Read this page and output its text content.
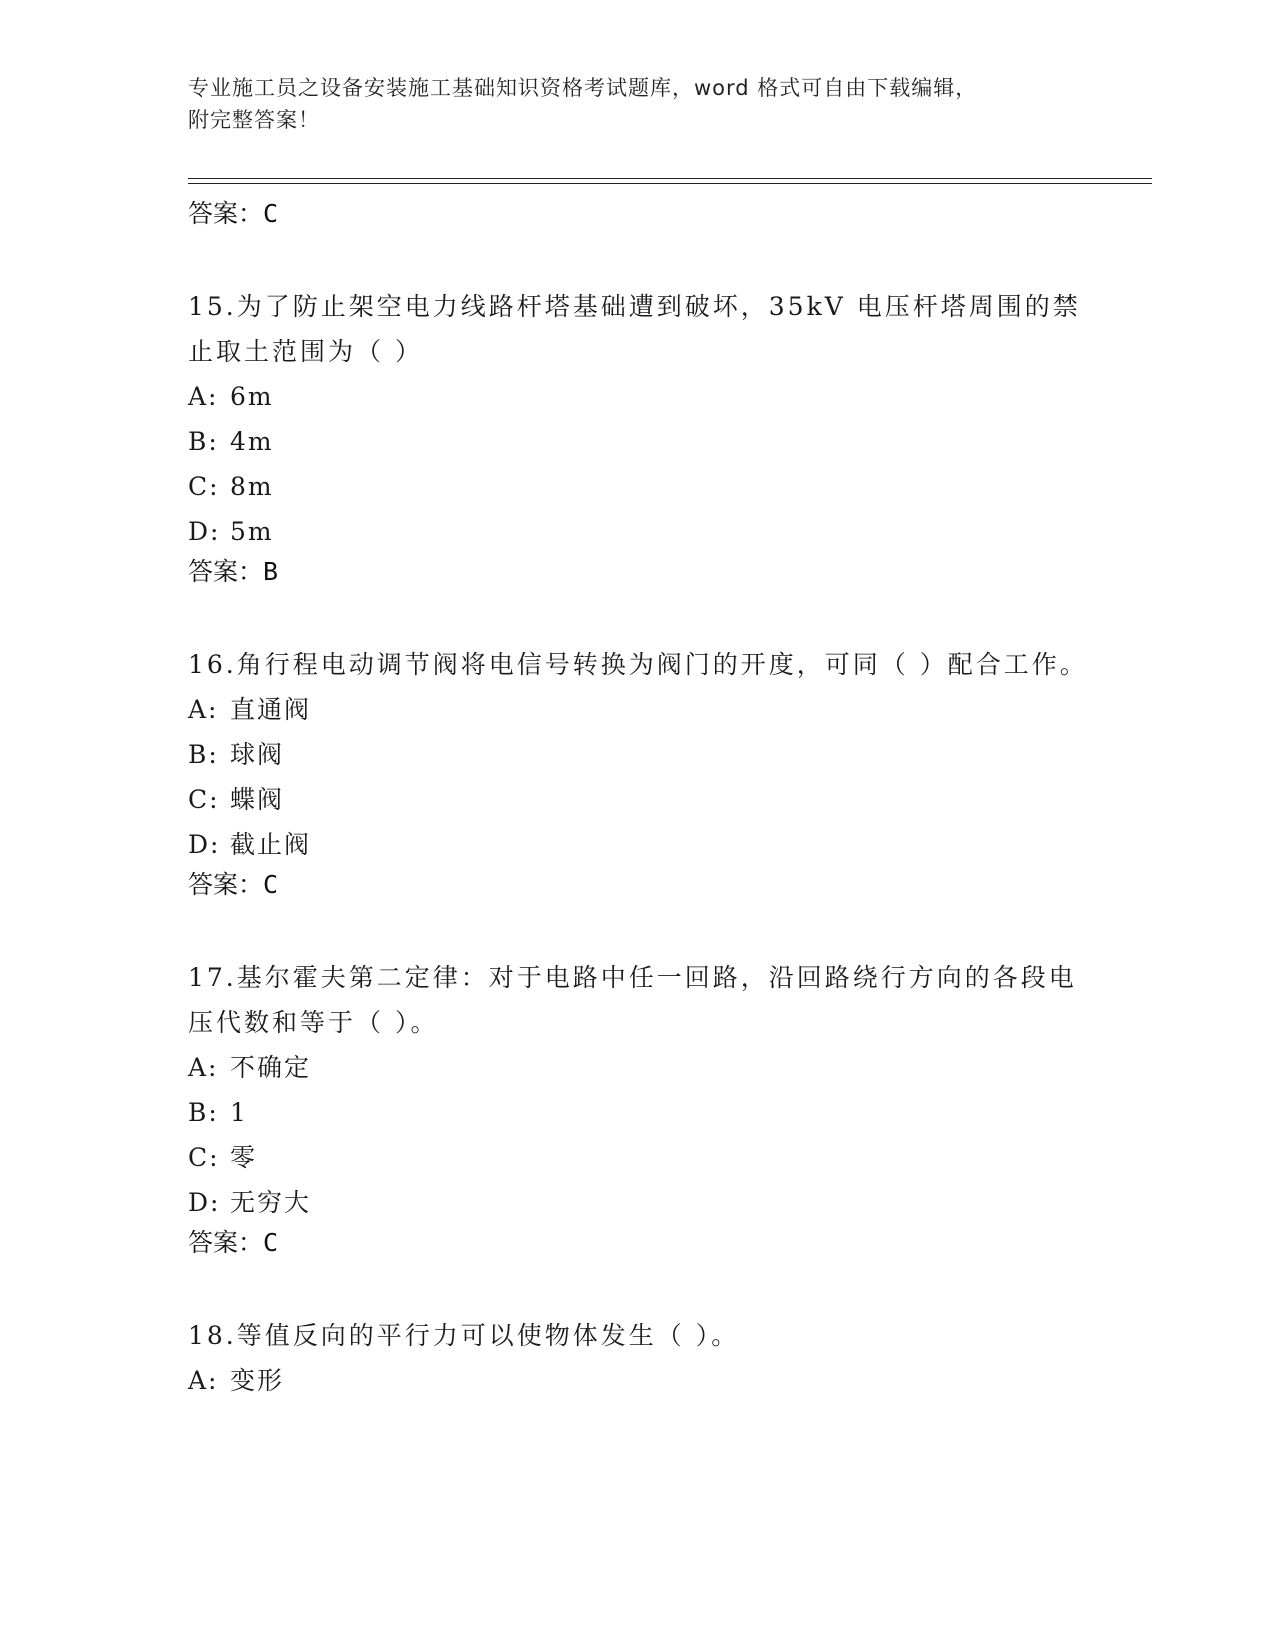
专业施工员之设备安装施工基础知识资格考试题库，word 格式可自由下载编辑，
附完整答案！

答案：C

15.为了防止架空电力线路杆塔基础遭到破坏，35kV 电压杆塔周围的禁止取土范围为（ ）

A: 6m

B: 4m

C: 8m

D: 5m

答案：B

16.角行程电动调节阀将电信号转换为阀门的开度，可同（ ）配合工作。

A: 直通阀

B: 球阀

C: 蝶阀

D: 截止阀

答案：C

17.基尔霍夫第二定律：对于电路中任一回路，沿回路绕行方向的各段电压代数和等于（ ）。

A: 不确定

B: 1

C: 零

D: 无穷大

答案：C

18.等值反向的平行力可以使物体发生（ ）。

A: 变形
